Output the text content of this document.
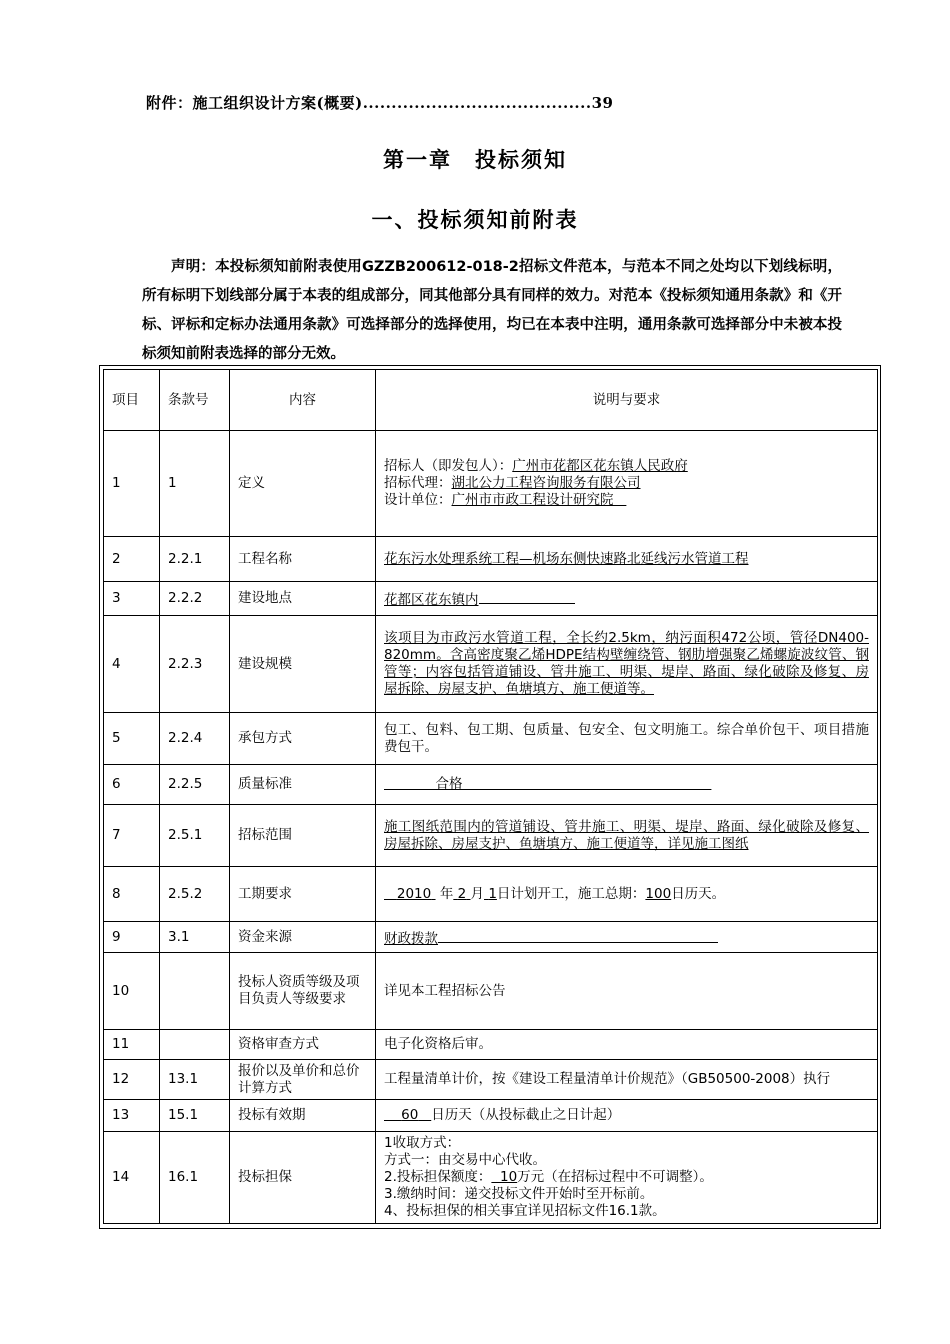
附件：施工组织设计方案(概要)........................................39
第一章　投标须知
一、投标须知前附表
声明：本投标须知前附表使用GZZB200612-018-2招标文件范本，与范本不同之处均以下划线标明，所有标明下划线部分属于本表的组成部分，同其他部分具有同样的效力。对范本《投标须知通用条款》和《开标、评标和定标办法通用条款》可选择部分的选择使用，均已在本表中注明，通用条款可选择部分中未被本投标须知前附表选择的部分无效。
项目	条款号	内容	说明与要求
1	1	定义	招标人（即发包人）：广州市花都区花东镇人民政府
招标代理：湖北公力工程咨询服务有限公司
设计单位：广州市市政工程设计研究院

2	2.2.1	工程名称	花东污水处理系统工程—机场东侧快速路北延线污水管道工程
3	2.2.2	建设地点	花都区花东镇内
4	2.2.3	建设规模	该项目为市政污水管道工程，全长约2.5km，纳污面积472公顷，管径DN400-820mm。含高密度聚乙烯HDPE结构壁缠绕管、钢肋增强聚乙烯螺旋波纹管、钢管等；内容包括管道铺设、管井施工、明渠、堤岸、路面、绿化破除及修复、房屋拆除、房屋支护、鱼塘填方、施工便道等。
5	2.2.4	承包方式	包工、包料、包工期、包质量、包安全、包文明施工。综合单价包干、项目措施费包干。
6	2.2.5	质量标准	合格
7	2.5.1	招标范围	施工图纸范围内的管道铺设、管井施工、明渠、堤岸、路面、绿化破除及修复、房屋拆除、房屋支护、鱼塘填方、施工便道等，详见施工图纸
8	2.5.2	工期要求	2010 年 2 月 1日计划开工，施工总期：100日历天。
9	3.1	资金来源	财政拨款
10		投标人资质等级及项目负责人等级要求	详见本工程招标公告
11		资格审查方式	电子化资格后审。
12	13.1	报价以及单价和总价计算方式	工程量清单计价，按《建设工程量清单计价规范》（GB50500-2008）执行
13	15.1	投标有效期	60 日历天（从投标截止之日计起）
14	16.1	投标担保	1收取方式：
方式一：由交易中心代收。
2.投标担保额度： 10万元（在招标过程中不可调整）。
3.缴纳时间：递交投标文件开始时至开标前。
4、投标担保的相关事宜详见招标文件16.1款。
